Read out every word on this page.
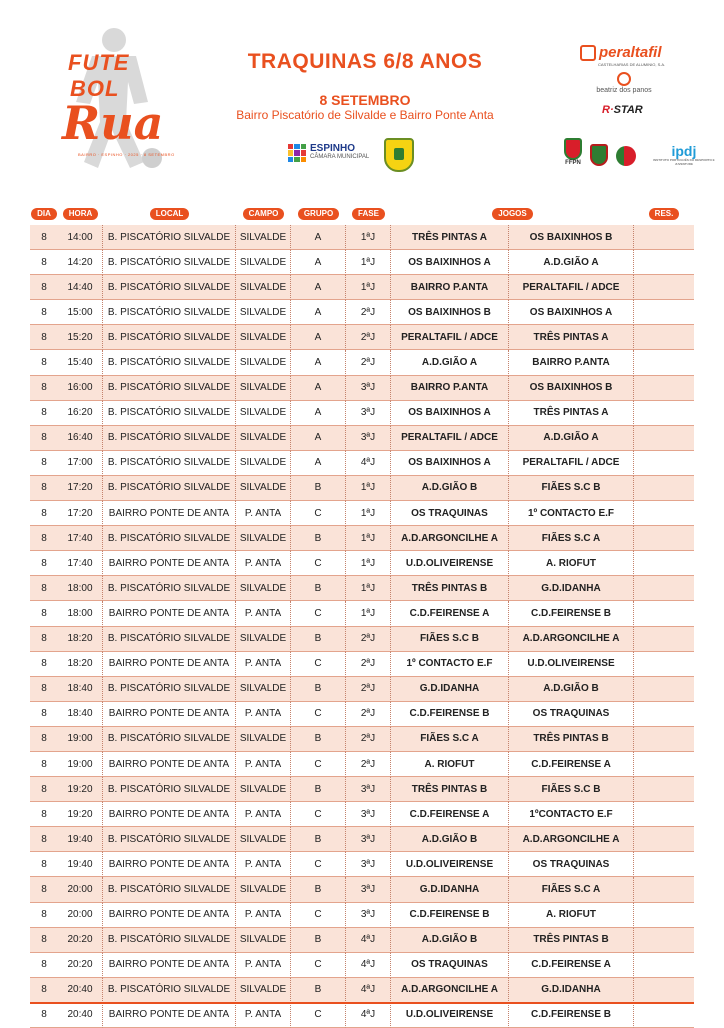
FUTE
BOL
Rua
BAIRRO · ESPINHO · 2025 · 8 SETEMBRO
TRAQUINAS 6/8 ANOS
8 SETEMBRO
Bairro Piscatório de Silvalde e Bairro Ponte Anta
ESPINHO
CÂMARA MUNICIPAL
peraltafil
CASTELHARIAS DE ALUMINIO, S.A.
beatriz dos panos
R·STAR
FFPN
ipdj
INSTITUTO PORTUGUÊS DO DESPORTO E JUVENTUDE
DIA	HORA	LOCAL	CAMPO	GRUPO	FASE	JOGOS		RES.
8	14:00	B. PISCATÓRIO SILVALDE	SILVALDE	A	1ªJ	TRÊS PINTAS A	OS BAIXINHOS B	
8	14:20	B. PISCATÓRIO SILVALDE	SILVALDE	A	1ªJ	OS BAIXINHOS A	A.D.GIÃO A	
8	14:40	B. PISCATÓRIO SILVALDE	SILVALDE	A	1ªJ	BAIRRO P.ANTA	PERALTAFIL / ADCE	
8	15:00	B. PISCATÓRIO SILVALDE	SILVALDE	A	2ªJ	OS BAIXINHOS B	OS BAIXINHOS A	
8	15:20	B. PISCATÓRIO SILVALDE	SILVALDE	A	2ªJ	PERALTAFIL / ADCE	TRÊS PINTAS A	
8	15:40	B. PISCATÓRIO SILVALDE	SILVALDE	A	2ªJ	A.D.GIÃO A	BAIRRO P.ANTA	
8	16:00	B. PISCATÓRIO SILVALDE	SILVALDE	A	3ªJ	BAIRRO P.ANTA	OS BAIXINHOS B	
8	16:20	B. PISCATÓRIO SILVALDE	SILVALDE	A	3ªJ	OS BAIXINHOS A	TRÊS PINTAS A	
8	16:40	B. PISCATÓRIO SILVALDE	SILVALDE	A	3ªJ	PERALTAFIL / ADCE	A.D.GIÃO A	
8	17:00	B. PISCATÓRIO SILVALDE	SILVALDE	A	4ªJ	OS BAIXINHOS A	PERALTAFIL / ADCE	
8	17:20	B. PISCATÓRIO SILVALDE	SILVALDE	B	1ªJ	A.D.GIÃO B	FIÃES S.C B	
8	17:20	BAIRRO PONTE DE ANTA	P. ANTA	C	1ªJ	OS TRAQUINAS	1º CONTACTO E.F	
8	17:40	B. PISCATÓRIO SILVALDE	SILVALDE	B	1ªJ	A.D.ARGONCILHE A	FIÃES S.C A	
8	17:40	BAIRRO PONTE DE ANTA	P. ANTA	C	1ªJ	U.D.OLIVEIRENSE	A. RIOFUT	
8	18:00	B. PISCATÓRIO SILVALDE	SILVALDE	B	1ªJ	TRÊS PINTAS B	G.D.IDANHA	
8	18:00	BAIRRO PONTE DE ANTA	P. ANTA	C	1ªJ	C.D.FEIRENSE A	C.D.FEIRENSE B	
8	18:20	B. PISCATÓRIO SILVALDE	SILVALDE	B	2ªJ	FIÃES S.C B	A.D.ARGONCILHE A	
8	18:20	BAIRRO PONTE DE ANTA	P. ANTA	C	2ªJ	1º CONTACTO E.F	U.D.OLIVEIRENSE	
8	18:40	B. PISCATÓRIO SILVALDE	SILVALDE	B	2ªJ	G.D.IDANHA	A.D.GIÃO B	
8	18:40	BAIRRO PONTE DE ANTA	P. ANTA	C	2ªJ	C.D.FEIRENSE B	OS TRAQUINAS	
8	19:00	B. PISCATÓRIO SILVALDE	SILVALDE	B	2ªJ	FIÃES S.C A	TRÊS PINTAS B	
8	19:00	BAIRRO PONTE DE ANTA	P. ANTA	C	2ªJ	A. RIOFUT	C.D.FEIRENSE A	
8	19:20	B. PISCATÓRIO SILVALDE	SILVALDE	B	3ªJ	TRÊS PINTAS B	FIÃES S.C B	
8	19:20	BAIRRO PONTE DE ANTA	P. ANTA	C	3ªJ	C.D.FEIRENSE A	1ºCONTACTO E.F	
8	19:40	B. PISCATÓRIO SILVALDE	SILVALDE	B	3ªJ	A.D.GIÃO B	A.D.ARGONCILHE A	
8	19:40	BAIRRO PONTE DE ANTA	P. ANTA	C	3ªJ	U.D.OLIVEIRENSE	OS TRAQUINAS	
8	20:00	B. PISCATÓRIO SILVALDE	SILVALDE	B	3ªJ	G.D.IDANHA	FIÃES S.C A	
8	20:00	BAIRRO PONTE DE ANTA	P. ANTA	C	3ªJ	C.D.FEIRENSE B	A. RIOFUT	
8	20:20	B. PISCATÓRIO SILVALDE	SILVALDE	B	4ªJ	A.D.GIÃO B	TRÊS PINTAS B	
8	20:20	BAIRRO PONTE DE ANTA	P. ANTA	C	4ªJ	OS TRAQUINAS	C.D.FEIRENSE A	
8	20:40	B. PISCATÓRIO SILVALDE	SILVALDE	B	4ªJ	A.D.ARGONCILHE A	G.D.IDANHA	
8	20:40	BAIRRO PONTE DE ANTA	P. ANTA	C	4ªJ	U.D.OLIVEIRENSE	C.D.FEIRENSE B	
